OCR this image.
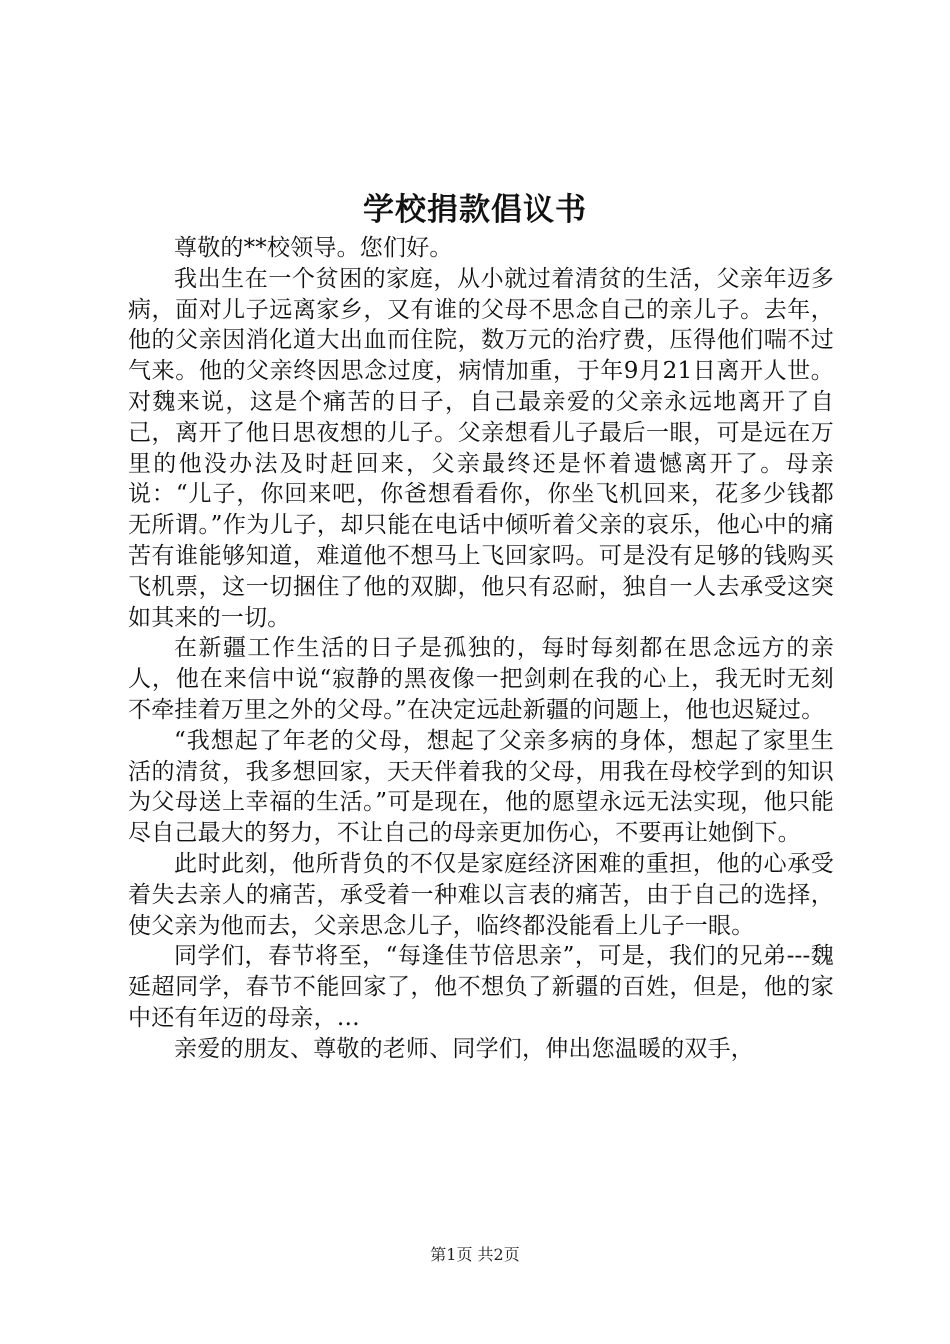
学校捐款倡议书

尊敬的**校领导。您们好。

我出生在一个贫困的家庭，从小就过着清贫的生活，父亲年迈多病，面对儿子远离家乡，又有谁的父母不思念自己的亲儿子。去年，他的父亲因消化道大出血而住院，数万元的治疗费，压得他们喘不过气来。他的父亲终因思念过度，病情加重，于年9月21日离开人世。对魏来说，这是个痛苦的日子，自己最亲爱的父亲永远地离开了自己，离开了他日思夜想的儿子。父亲想看儿子最后一眼，可是远在万里的他没办法及时赶回来，父亲最终还是怀着遗憾离开了。母亲说：“儿子，你回来吧，你爸想看看你，你坐飞机回来，花多少钱都无所谓。”作为儿子，却只能在电话中倾听着父亲的哀乐，他心中的痛苦有谁能够知道，难道他不想马上飞回家吗。可是没有足够的钱购买飞机票，这一切捆住了他的双脚，他只有忍耐，独自一人去承受这突如其来的一切。

在新疆工作生活的日子是孤独的，每时每刻都在思念远方的亲人，他在来信中说“寂静的黑夜像一把剑刺在我的心上，我无时无刻不牵挂着万里之外的父母。”在决定远赴新疆的问题上，他也迟疑过。

“我想起了年老的父母，想起了父亲多病的身体，想起了家里生活的清贫，我多想回家，天天伴着我的父母，用我在母校学到的知识为父母送上幸福的生活。”可是现在，他的愿望永远无法实现，他只能尽自己最大的努力，不让自己的母亲更加伤心，不要再让她倒下。

此时此刻，他所背负的不仅是家庭经济困难的重担，他的心承受着失去亲人的痛苦，承受着一种难以言表的痛苦，由于自己的选择，使父亲为他而去，父亲思念儿子，临终都没能看上儿子一眼。

同学们，春节将至，“每逢佳节倍思亲”，可是，我们的兄弟---魏延超同学，春节不能回家了，他不想负了新疆的百姓，但是，他的家中还有年迈的母亲，…

亲爱的朋友、尊敬的老师、同学们，伸出您温暖的双手，

第1页 共2页
